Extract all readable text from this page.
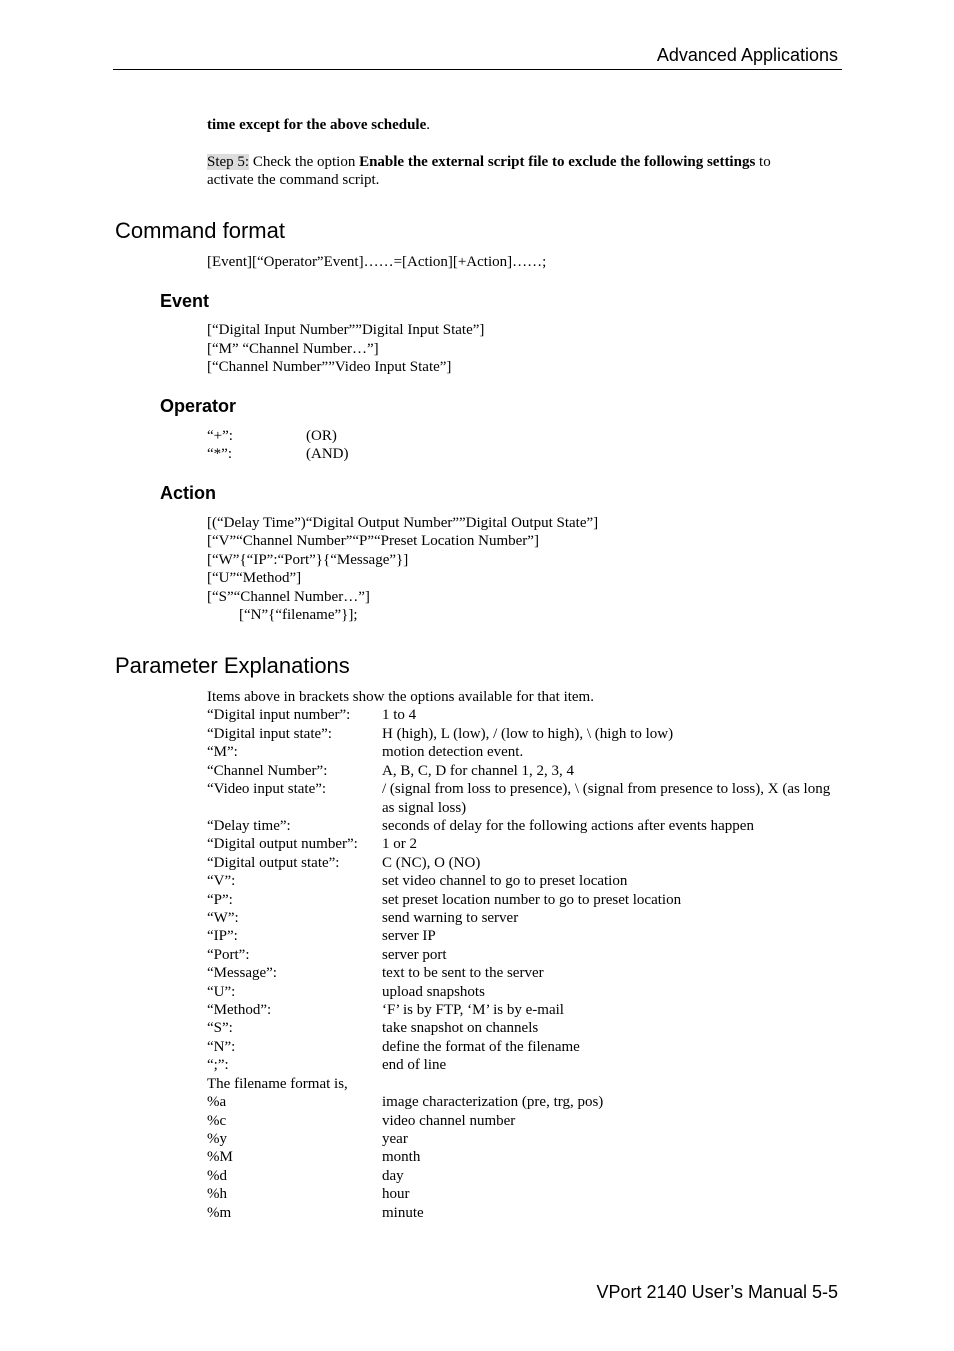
Advanced Applications
time except for the above schedule.
Step 5: Check the option Enable the external script file to exclude the following settings to
activate the command script.
Command format
[Event][“Operator”Event]……=[Action][+Action]……;
Event
[“Digital Input Number””Digital Input State”]
[“M” “Channel Number…”]
[“Channel Number””Video Input State”]
Operator
“+”:	(OR)
“*”:	(AND)
Action
[(“Delay Time”)“Digital Output Number””Digital Output State”]
[“V”“Channel Number”“P”“Preset Location Number”]
[“W”{“IP”:“Port”}{“Message”}]
[“U”“Method”]
[“S”“Channel Number…”]
[“N”{“filename”}];
Parameter Explanations
Items above in brackets show the options available for that item.
“Digital input number”: 1 to 4
“Digital input state”:	H (high), L (low), / (low to high), \ (high to low)
“M”:	motion detection event.
“Channel Number”:	A, B, C, D for channel 1, 2, 3, 4
“Video input state”:	/ (signal from loss to presence), \ (signal from presence to loss), X (as long as signal loss)
“Delay time”:	seconds of delay for the following actions after events happen
“Digital output number”: 1 or 2
“Digital output state”:	C (NC), O (NO)
“V”:	set video channel to go to preset location
“P”:	set preset location number to go to preset location
“W”:	send warning to server
“IP”:	server IP
“Port”:	server port
“Message”:	text to be sent to the server
“U”:	upload snapshots
“Method”:	‘F’ is by FTP, ‘M’ is by e-mail
“S”:	take snapshot on channels
“N”:	define the format of the filename
“;”:	end of line
The filename format is,
%a	image characterization (pre, trg, pos)
%c	video channel number
%y	year
%M	month
%d	day
%h	hour
%m	minute
VPort 2140 User’s Manual 5-5
